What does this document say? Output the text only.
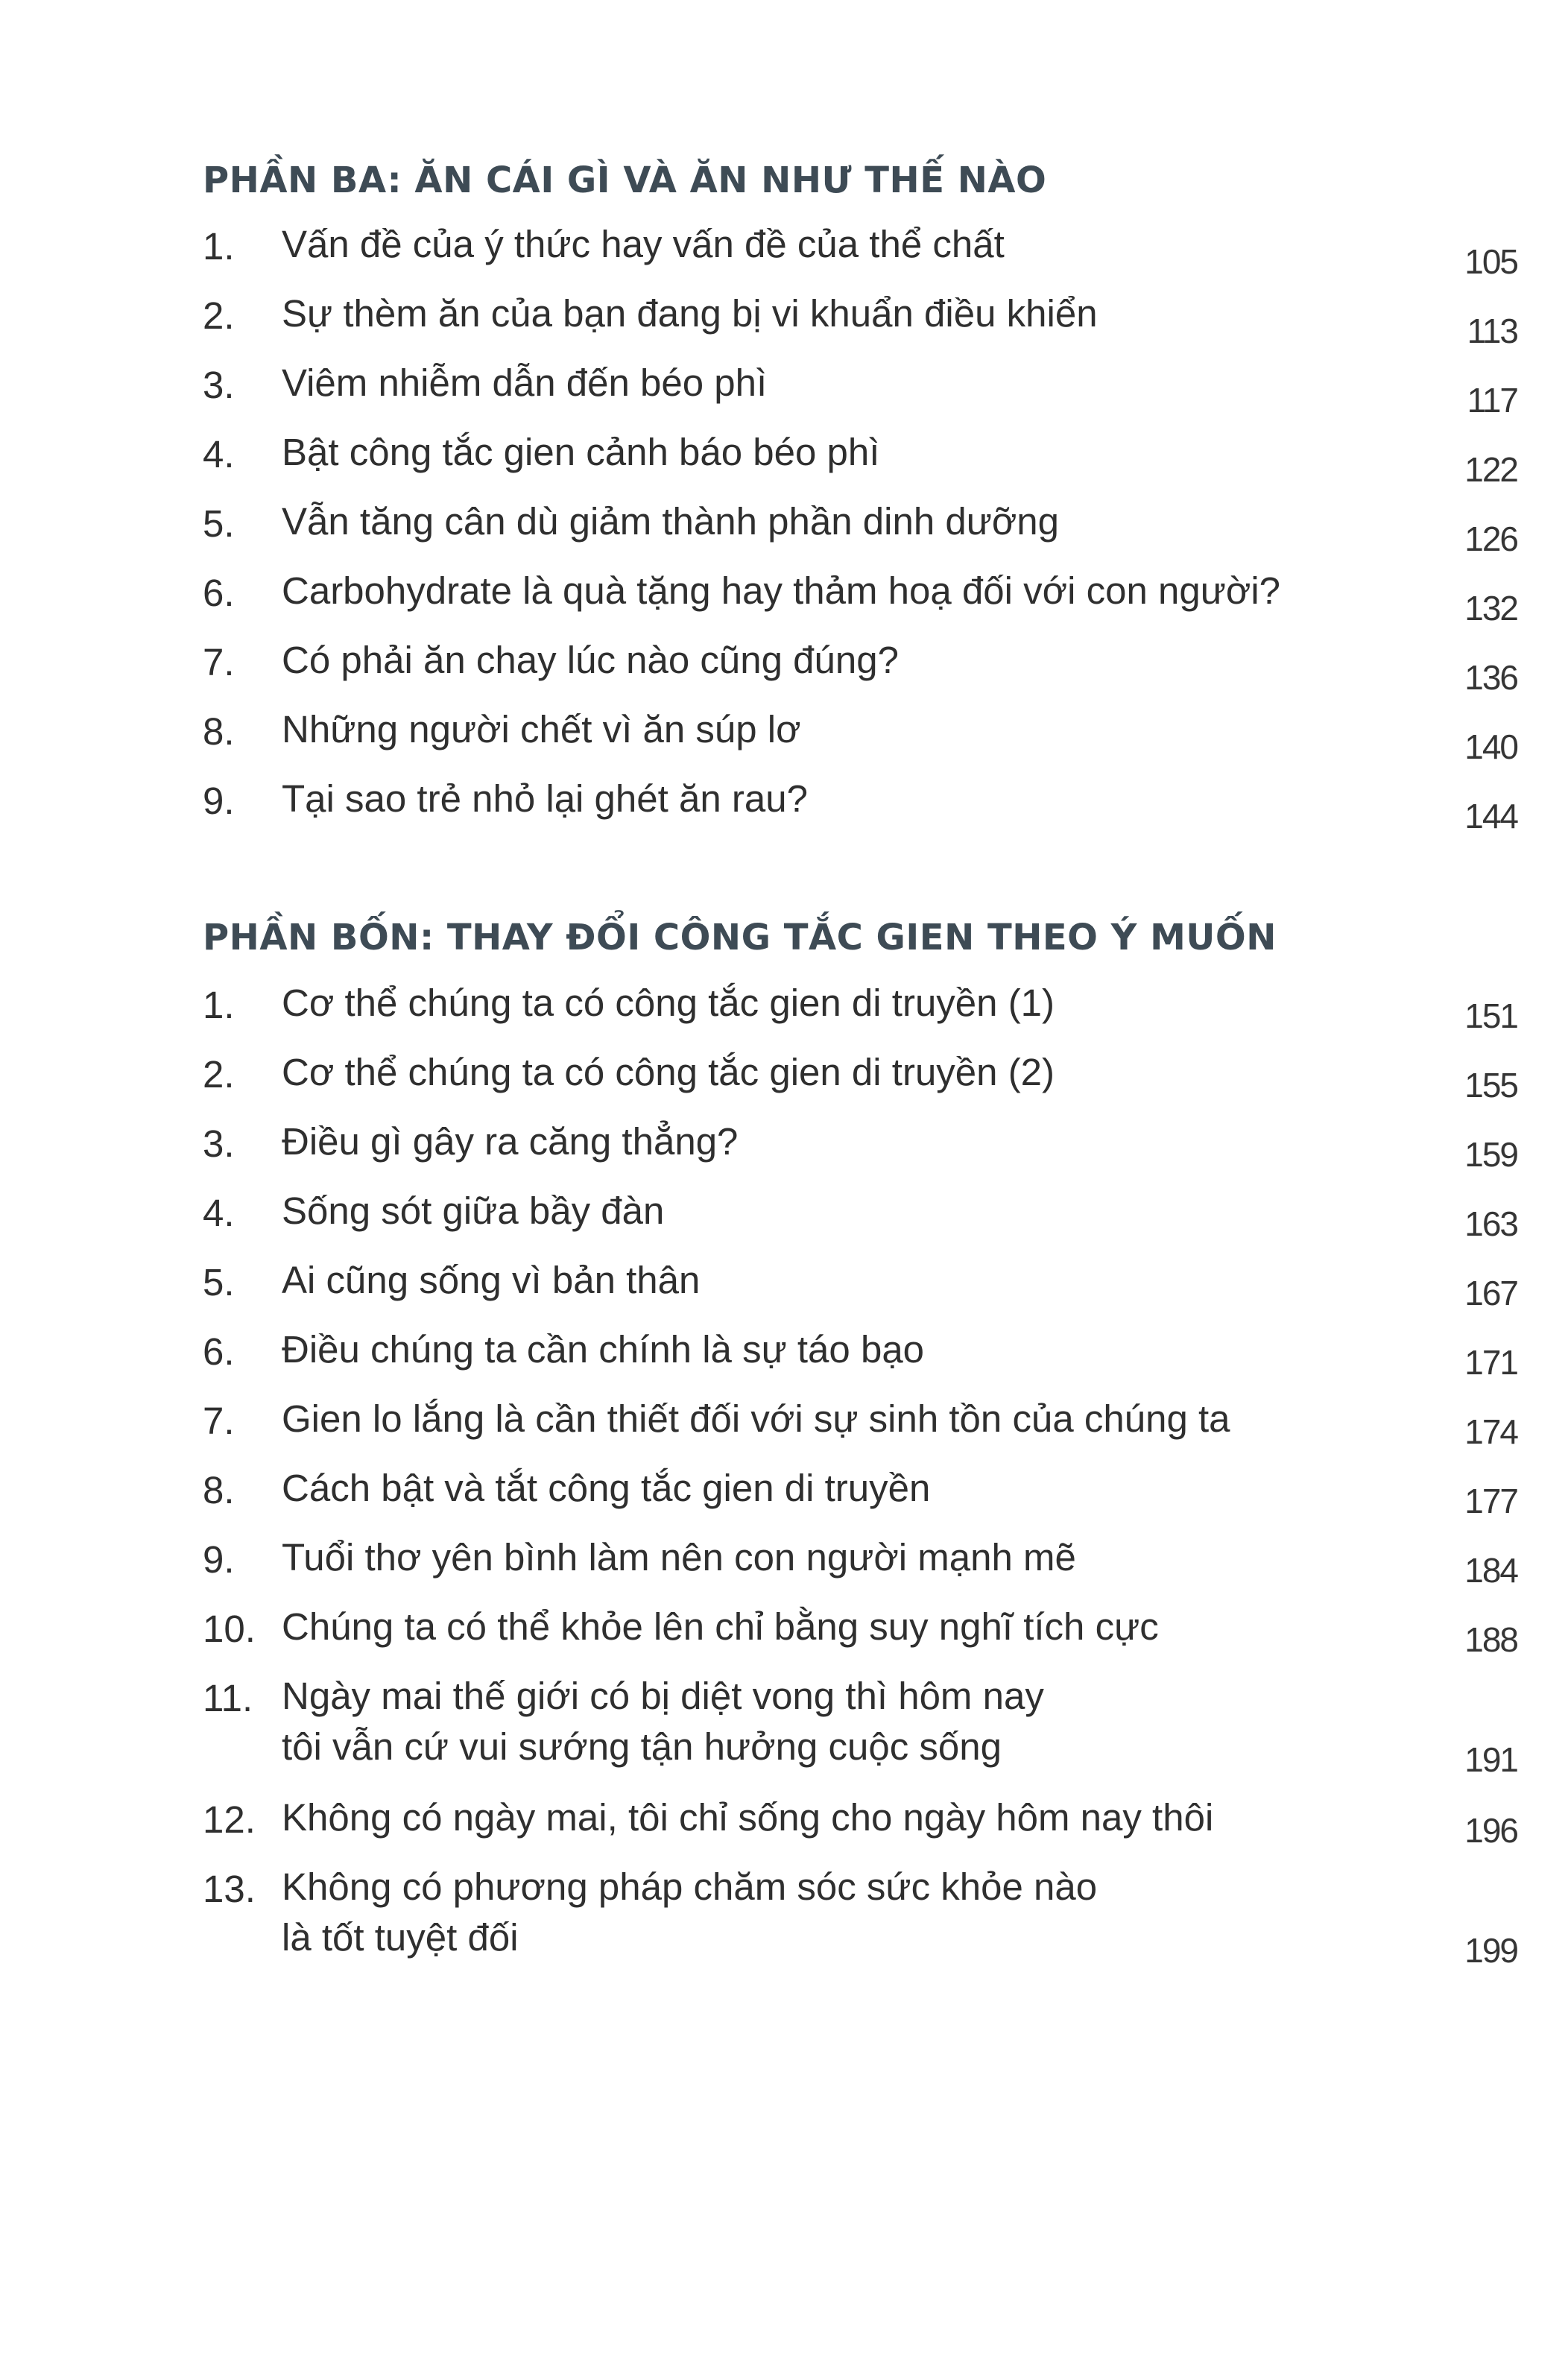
PHẦN BA: ĂN CÁI GÌ VÀ ĂN NHƯ THẾ NÀO
1. Vấn đề của ý thức hay vấn đề của thể chất	105
2. Sự thèm ăn của bạn đang bị vi khuẩn điều khiển	113
3. Viêm nhiễm dẫn đến béo phì	117
4. Bật công tắc gien cảnh báo béo phì	122
5. Vẫn tăng cân dù giảm thành phần dinh dưỡng	126
6. Carbohydrate là quà tặng hay thảm hoạ đối với con người?	132
7. Có phải ăn chay lúc nào cũng đúng?	136
8. Những người chết vì ăn súp lơ	140
9. Tại sao trẻ nhỏ lại ghét ăn rau?	144
PHẦN BỐN: THAY ĐỔI CÔNG TẮC GIEN THEO Ý MUỐN
1. Cơ thể chúng ta có công tắc gien di truyền (1)	151
2. Cơ thể chúng ta có công tắc gien di truyền (2)	155
3. Điều gì gây ra căng thẳng?	159
4. Sống sót giữa bầy đàn	163
5. Ai cũng sống vì bản thân	167
6. Điều chúng ta cần chính là sự táo bạo	171
7. Gien lo lắng là cần thiết đối với sự sinh tồn của chúng ta	174
8. Cách bật và tắt công tắc gien di truyền	177
9. Tuổi thơ yên bình làm nên con người mạnh mẽ	184
10. Chúng ta có thể khỏe lên chỉ bằng suy nghĩ tích cực	188
11. Ngày mai thế giới có bị diệt vong thì hôm nay
tôi vẫn cứ vui sướng tận hưởng cuộc sống	191
12. Không có ngày mai, tôi chỉ sống cho ngày hôm nay thôi	196
13. Không có phương pháp chăm sóc sức khỏe nào
là tốt tuyệt đối	199
